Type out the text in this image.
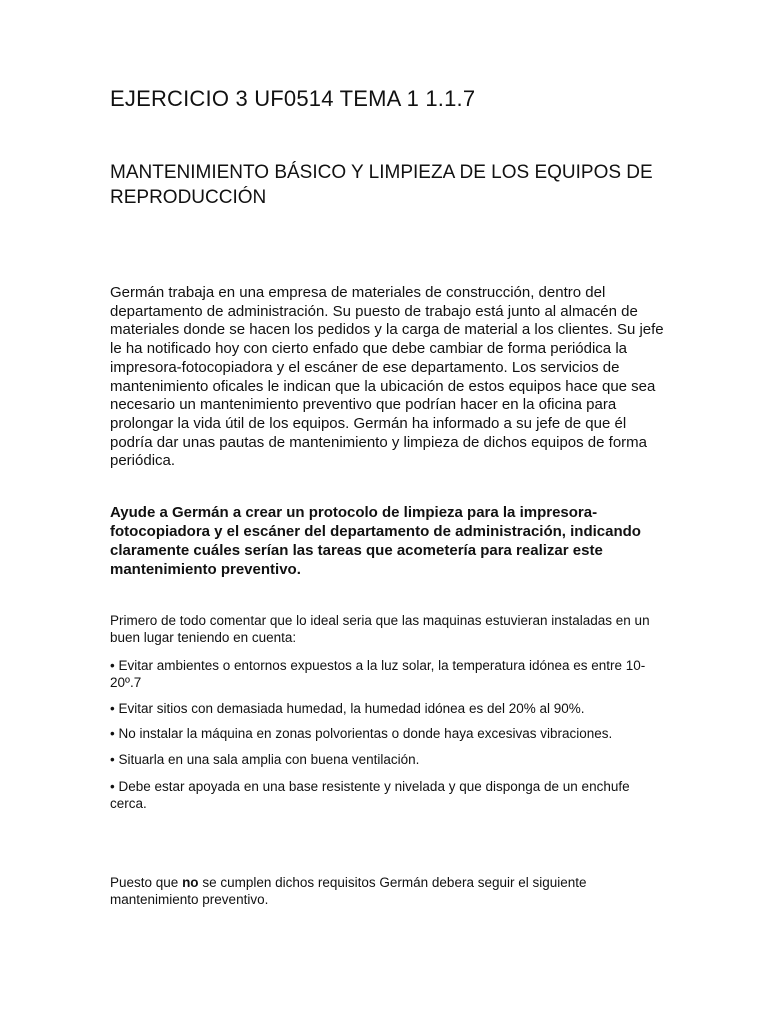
EJERCICIO 3 UF0514 TEMA 1 1.1.7
MANTENIMIENTO BÁSICO Y LIMPIEZA DE LOS EQUIPOS DE REPRODUCCIÓN

Germán trabaja en una empresa de materiales de construcción, dentro del departamento de administración. Su puesto de trabajo está junto al almacén de materiales donde se hacen los pedidos y la carga de material a los clientes. Su jefe le ha notificado hoy con cierto enfado que debe cambiar de forma periódica la impresora-fotocopiadora y el escáner de ese departamento. Los servicios de mantenimiento oficales le indican que la ubicación de estos equipos hace que sea necesario un mantenimiento preventivo que podrían hacer en la oficina para prolongar la vida útil de los equipos. Germán ha informado a su jefe de que él podría dar unas pautas de mantenimiento y limpieza de dichos equipos de forma periódica.

Ayude a Germán a crear un protocolo de limpieza para la impresora-fotocopiadora y el escáner del departamento de administración, indicando claramente cuáles serían las tareas que acometería para realizar este mantenimiento preventivo.

Primero de todo comentar que lo ideal seria que las maquinas estuvieran instaladas en un buen lugar teniendo en cuenta:

• Evitar ambientes o entornos expuestos a la luz solar, la temperatura idónea es entre 10-20º.7

• Evitar sitios con demasiada humedad, la humedad idónea es del 20% al 90%.

• No instalar la máquina en zonas polvorientas o donde haya excesivas vibraciones.

• Situarla en una sala amplia con buena ventilación.

• Debe estar apoyada en una base resistente y nivelada y que disponga de un enchufe cerca.

Puesto que no se cumplen dichos requisitos Germán debera seguir el siguiente mantenimiento preventivo.
